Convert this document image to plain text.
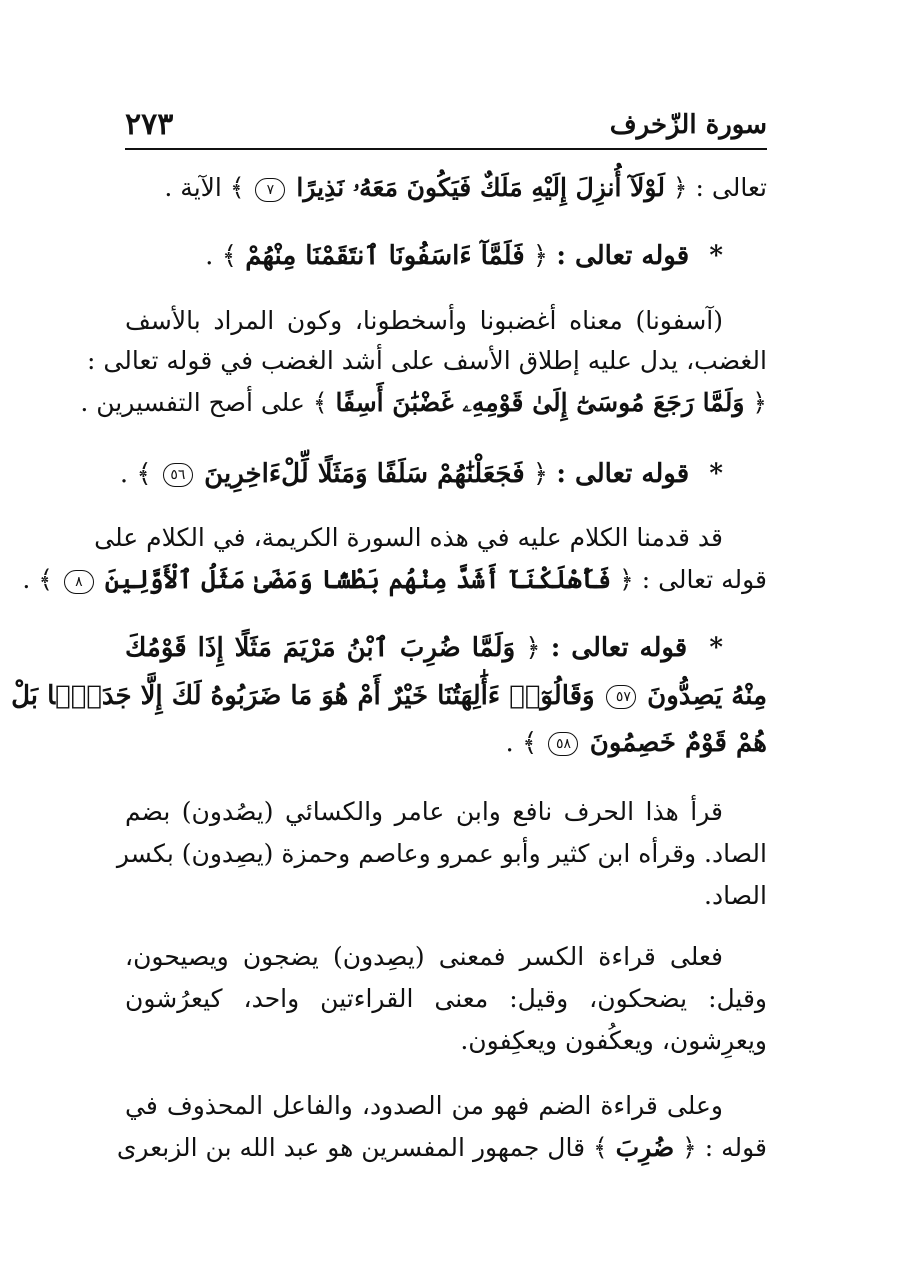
سورة الزّخرف
٢٧٣
تعالى : ﴿ لَوْلَآ أُنزِلَ إِلَيْهِ مَلَكٌ فَيَكُونَ مَعَهُۥ نَذِيرًا ٧ ﴾ الآية .
* قوله تعالى : ﴿ فَلَمَّآ ءَاسَفُونَا ٱنتَقَمْنَا مِنْهُمْ ﴾ .
(آسفونا) معناه أغضبونا وأسخطونا، وكون المراد بالأسف
الغضب، يدل عليه إطلاق الأسف على أشد الغضب في قوله تعالى :
﴿ وَلَمَّا رَجَعَ مُوسَىٰٓ إِلَىٰ قَوْمِهِۦ غَضْبَٰنَ أَسِفًا ﴾ على أصح التفسيرين .
* قوله تعالى : ﴿ فَجَعَلْنَٰهُمْ سَلَفًا وَمَثَلًا لِّلْءَاخِرِينَ ٥٦ ﴾ .
قد قدمنا الكلام عليه في هذه السورة الكريمة، في الكلام على
قوله تعالى : ﴿ فَأَهْلَكْنَآ أَشَدَّ مِنْهُم بَطْشًا وَمَضَىٰ مَثَلُ ٱلْأَوَّلِينَ ٨ ﴾ .
* قوله تعالى : ﴿ وَلَمَّا ضُرِبَ ٱبْنُ مَرْيَمَ مَثَلًا إِذَا قَوْمُكَ
مِنْهُ يَصِدُّونَ ٥٧ وَقَالُوٓا۟ ءَأَٰلِهَتُنَا خَيْرٌ أَمْ هُوَ مَا ضَرَبُوهُ لَكَ إِلَّا جَدَلًۢا بَلْ
هُمْ قَوْمٌ خَصِمُونَ ٥٨ ﴾ .
قرأ هذا الحرف نافع وابن عامر والكسائي (يصُدون) بضم
الصاد. وقرأه ابن كثير وأبو عمرو وعاصم وحمزة (يصِدون) بكسر
الصاد.
فعلى قراءة الكسر فمعنى (يصِدون) يضجون ويصيحون،
وقيل: يضحكون، وقيل: معنى القراءتين واحد، كيعرُشون
ويعرِشون، ويعكُفون ويعكِفون.
وعلى قراءة الضم فهو من الصدود، والفاعل المحذوف في
قوله : ﴿ ضُرِبَ ﴾ قال جمهور المفسرين هو عبد الله بن الزبعرى
